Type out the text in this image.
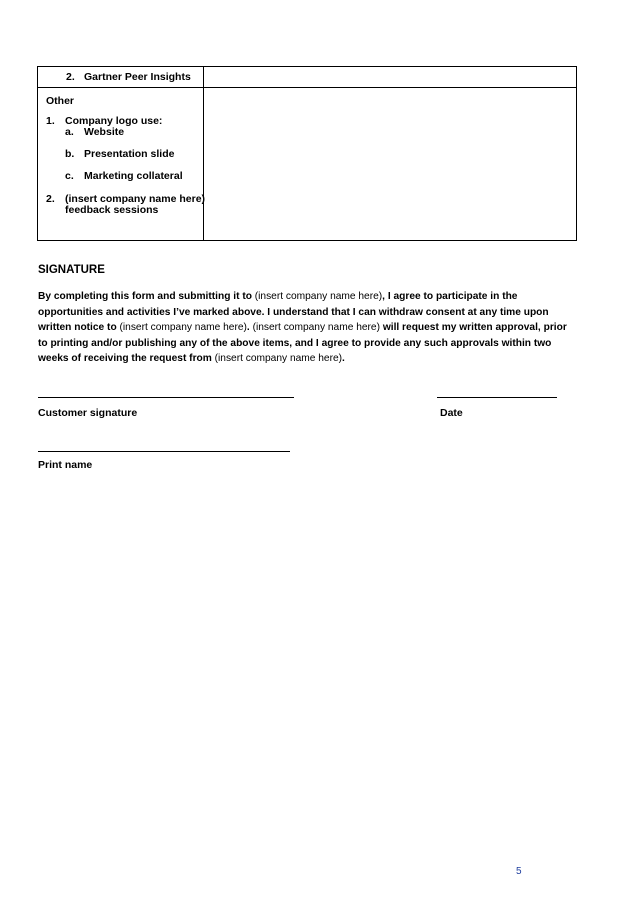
2. Gartner Peer Insights
Other
1. Company logo use:
a. Website
b. Presentation slide
c. Marketing collateral
2. (insert company name here)
feedback sessions
SIGNATURE
By completing this form and submitting it to (insert company name here), I agree to participate in the opportunities and activities I’ve marked above. I understand that I can withdraw consent at any time upon written notice to (insert company name here). (insert company name here) will request my written approval, prior to printing and/or publishing any of the above items, and I agree to provide any such approvals within two weeks of receiving the request from (insert company name here).
Customer signature	Date
Print name
5
